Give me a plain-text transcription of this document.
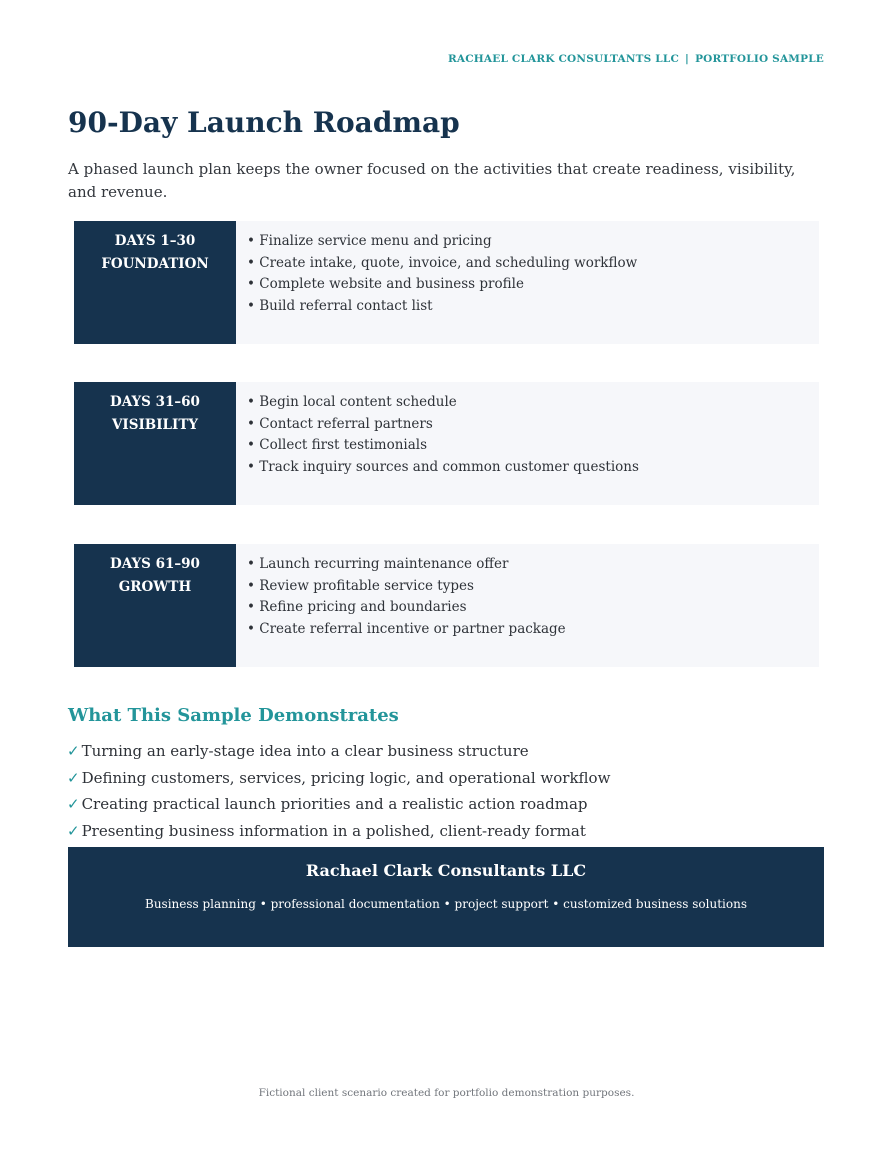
RACHAEL CLARK CONSULTANTS LLC | PORTFOLIO SAMPLE
90-Day Launch Roadmap

A phased launch plan keeps the owner focused on the activities that create readiness, visibility, and revenue.

DAYS 1–30
FOUNDATION
• Finalize service menu and pricing
• Create intake, quote, invoice, and scheduling workflow
• Complete website and business profile
• Build referral contact list
DAYS 31–60
VISIBILITY
• Begin local content schedule
• Contact referral partners
• Collect first testimonials
• Track inquiry sources and common customer questions
DAYS 61–90
GROWTH
• Launch recurring maintenance offer
• Review profitable service types
• Refine pricing and boundaries
• Create referral incentive or partner package
What This Sample Demonstrates
✓ Turning an early-stage idea into a clear business structure
✓ Defining customers, services, pricing logic, and operational workflow
✓ Creating practical launch priorities and a realistic action roadmap
✓ Presenting business information in a polished, client-ready format

Rachael Clark Consultants LLC

Business planning • professional documentation • project support • customized business solutions

Fictional client scenario created for portfolio demonstration purposes.
